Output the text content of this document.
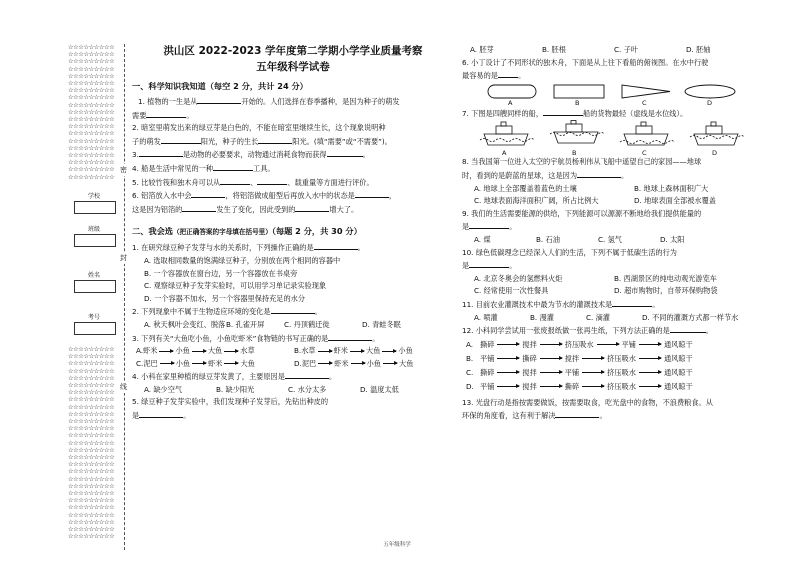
☆☆☆☆☆☆☆☆☆
☆☆☆☆☆☆☆☆☆
☆☆☆☆☆☆☆☆☆
☆☆☆☆☆☆☆☆☆
☆☆☆☆☆☆☆☆☆
☆☆☆☆☆☆☆☆☆
☆☆☆☆☆☆☆☆☆
☆☆☆☆☆☆☆☆☆
☆☆☆☆☆☆☆☆☆
☆☆☆☆☆☆☆☆☆
☆☆☆☆☆☆☆☆☆
☆☆☆☆☆☆☆☆☆
☆☆☆☆☆☆☆☆☆
☆☆☆☆☆☆☆☆☆
☆☆☆☆☆☆☆☆☆
☆☆☆☆☆☆☆☆☆
☆☆☆☆☆☆☆☆☆
☆☆☆☆☆☆☆☆☆
☆☆☆☆☆☆☆☆☆
学校
班级
姓名
考号
☆☆☆☆☆☆☆☆☆
☆☆☆☆☆☆☆☆☆
☆☆☆☆☆☆☆☆☆
☆☆☆☆☆☆☆☆☆
☆☆☆☆☆☆☆☆☆
☆☆☆☆☆☆☆☆☆
☆☆☆☆☆☆☆☆☆
☆☆☆☆☆☆☆☆☆
☆☆☆☆☆☆☆☆☆
☆☆☆☆☆☆☆☆☆
☆☆☆☆☆☆☆☆☆
☆☆☆☆☆☆☆☆☆
☆☆☆☆☆☆☆☆☆
☆☆☆☆☆☆☆☆☆
☆☆☆☆☆☆☆☆☆
☆☆☆☆☆☆☆☆☆
☆☆☆☆☆☆☆☆☆
☆☆☆☆☆☆☆☆☆
☆☆☆☆☆☆☆☆☆
☆☆☆☆☆☆☆☆☆
☆☆☆☆☆☆☆☆☆
☆☆☆☆☆☆☆☆☆
☆☆☆☆☆☆☆☆☆
☆☆☆☆☆☆☆☆☆
☆☆☆☆☆☆☆☆☆
☆☆☆☆☆☆☆☆☆
☆☆☆☆☆☆☆☆☆
密
封
线
洪山区 2022-2023 学年度第二学期小学学业质量考察
五年级科学试卷
一、科学知识我知道（每空 2 分，共计 24 分）

1. 植物的一生是从	开始的。人们选择在春季播种，是因为种子的萌发
需要	。

2. 暗室里萌发出来的绿豆芽是白色的，不能在暗室里继续生长，这个现象说明种
子的萌发	阳光，种子的生长	阳光。(填“需要”或“不需要”)。

3.	是动物的必要要求，动物通过消耗食物而获得	。

4. 船是生活中常见的一种	工具。

5. 比较竹筏和独木舟可以从	、	、载重量等方面进行评价。

6. 铝箔放入水中会	，将铝箔做成船型后再放入水中的状态是	，
这是因为铝箔的	发生了变化，因此受到的	增大了。

二、我会选（把正确答案的字母填在括号里）（每题 2 分，共 30 分）

1. 在研究绿豆种子发芽与水的关系时，下列操作正确的是	。

A. 选取相同数量的饱满绿豆种子，分别放在两个相同的容器中
B. 一个容器放在窗台边，另一个容器放在书桌旁
C. 观察绿豆种子发芽实验时，可以用学习单记录实验现象
D. 一个容器不加水，另一个容器里保持充足的水分

2. 下列现象中不属于生物适应环境的变化是	。

A. 秋天枫叶会变红、脱落 B. 孔雀开屏	C. 丹顶鹤迁徙	D. 青蛙冬眠

3. 下列有关“大鱼吃小鱼，小鱼吃虾米”食物链的书写正确的是	。

A.虾米	小鱼	大鱼	水草	B.水草	虾米	大鱼	小鱼
C.泥巴	小鱼	虾米	大鱼	D.泥巴	虾米	小鱼	大鱼

4. 小科在家里种植的绿豆芽发黄了，主要原因是	。

A. 缺少空气	B. 缺少阳光	C. 水分太多	D. 温度太低

5. 绿豆种子发芽实验中，我们发现种子发芽后，先钻出种皮的
是	。

A. 胚芽	B. 胚根	C. 子叶	D. 胚轴

6. 小丁设计了不同形状的独木舟，下面是从上往下看船的俯视图。在水中行驶
最容易的是	。

A	B	C	D

7. 下图是四艘同样的船，	船的货物最轻（虚线是水位线）。

A	B	C	D

8. 当我国第一位进入太空的宇航员杨利伟从飞船中遥望自己的家园——地球
时，看到的是蔚蓝的星球，这是因为	。

A. 地球上全部覆盖着蓝色的土壤	B. 地球上森林面积广大
C. 地球表面海洋面积广阔，所占比例大	D. 地球表面全部被水覆盖

9. 我们的生活需要能源的供给，下列能源可以源源不断地给我们提供能量的
是	。

A. 煤	B. 石油	C. 氢气	D. 太阳

10. 绿色低碳理念已经深入人们的生活，下列不属于低碳生活的行为
是	。

A. 北京冬奥会的氢燃料火炬	B. 西湖景区的纯电动观光游览车
C. 经常使用一次性餐具	D. 超市购物时，自带环保购物袋

11. 目前农业灌溉技术中最为节水的灌溉技术是	。

A. 喷灌	B. 漫灌	C. 滴灌	D. 不同的灌溉方式都一样节水

12. 小科同学尝试用一张废报纸做一张再生纸，下列方法正确的是	。

A. 撕碎	搅拌	挤压吸水	平铺	通风晾干
B. 平铺	撕碎	搅拌	挤压吸水	通风晾干
C. 撕碎	搅拌	平铺	挤压吸水	通风晾干
D. 平铺	搅拌	撕碎	挤压吸水	通风晾干

13. 光盘行动是指按需要做饭，按需要取食，吃光盘中的食物，不浪费粮食。从
环保的角度看，这有利于解决	。

五年级科学
